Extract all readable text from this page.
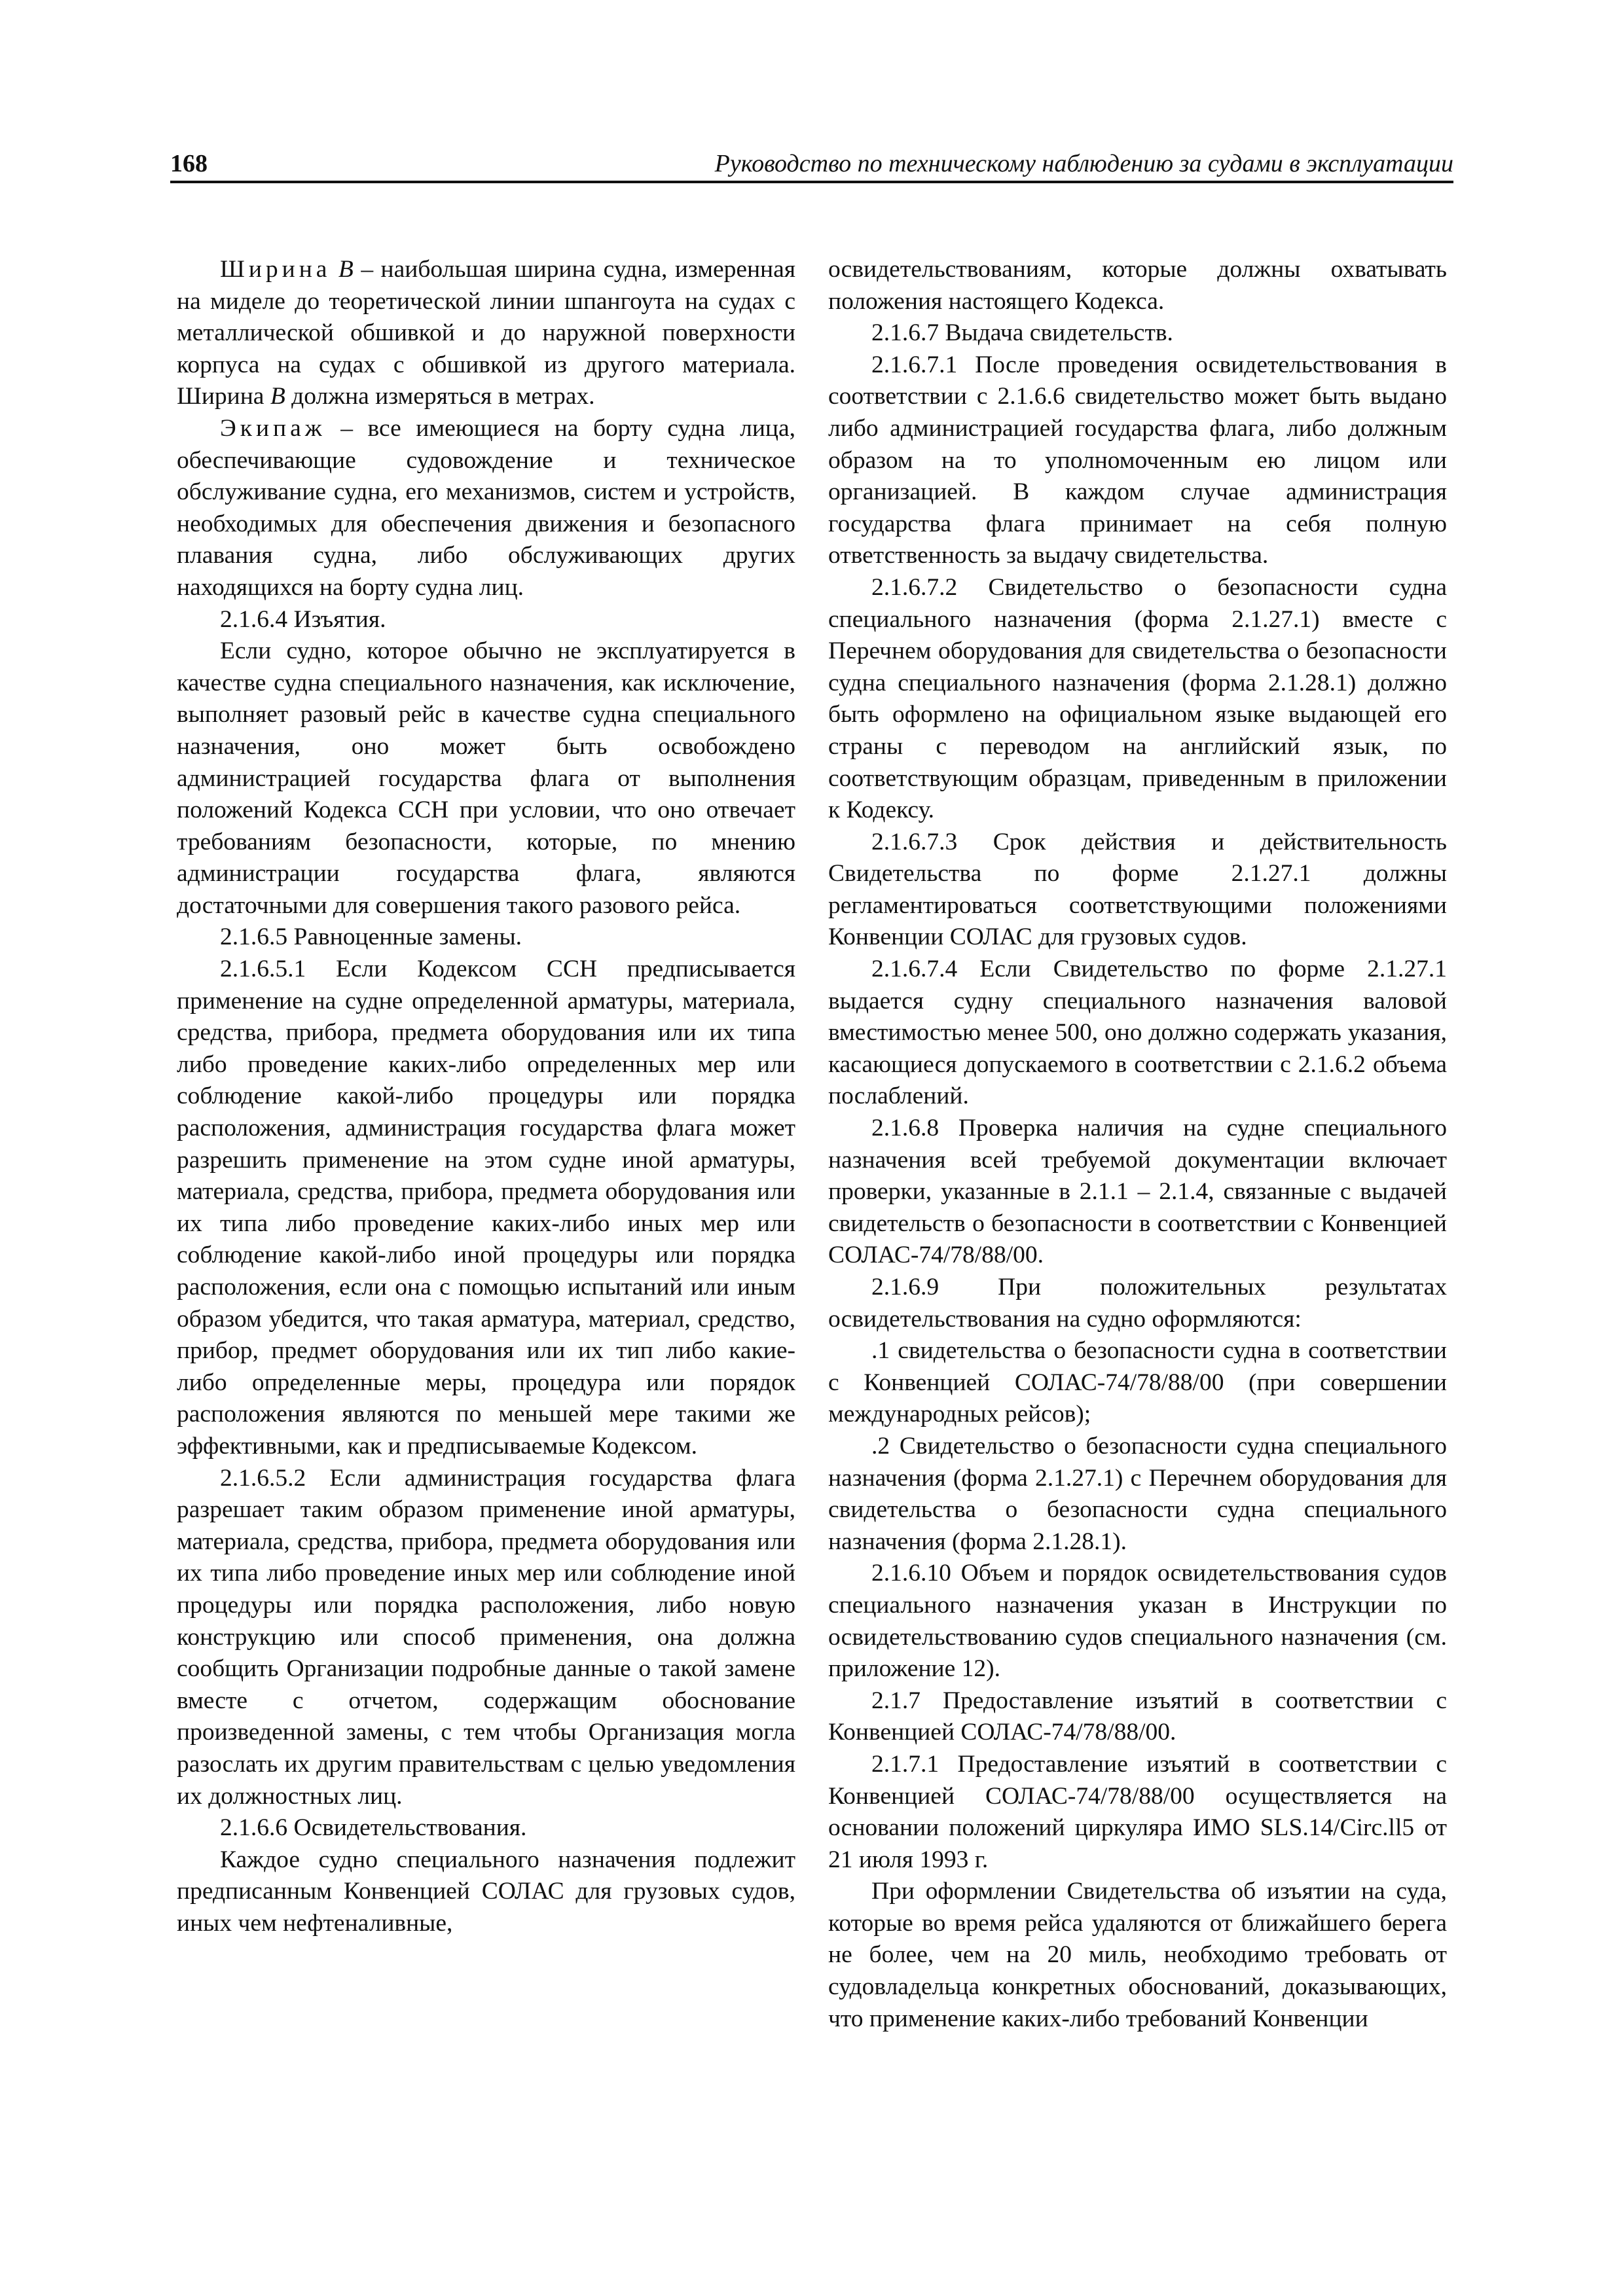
168	Руководство по техническому наблюдению за судами в эксплуатации

Ширина B – наибольшая ширина судна, измеренная на миделе до теоретической линии шпангоута на судах с металлической обшивкой и до наружной поверхности корпуса на судах с обшивкой из другого материала. Ширина B должна измеряться в метрах.

Экипаж – все имеющиеся на борту судна лица, обеспечивающие судовождение и техническое обслуживание судна, его механизмов, систем и устройств, необходимых для обеспечения движения и безопасного плавания судна, либо обслуживающих других находящихся на борту судна лиц.

2.1.6.4 Изъятия.

Если судно, которое обычно не эксплуатируется в качестве судна специального назначения, как исключение, выполняет разовый рейс в качестве судна специального назначения, оно может быть освобождено администрацией государства флага от выполнения положений Кодекса ССН при условии, что оно отвечает требованиям безопасности, которые, по мнению администрации государства флага, являются достаточными для совершения такого разового рейса.

2.1.6.5 Равноценные замены.

2.1.6.5.1 Если Кодексом ССН предписывается применение на судне определенной арматуры, материала, средства, прибора, предмета оборудования или их типа либо проведение каких-либо определенных мер или соблюдение какой-либо процедуры или порядка расположения, администрация государства флага может разрешить применение на этом судне иной арматуры, материала, средства, прибора, предмета оборудования или их типа либо проведение каких-либо иных мер или соблюдение какой-либо иной процедуры или порядка расположения, если она с помощью испытаний или иным образом убедится, что такая арматура, материал, средство, прибор, предмет оборудования или их тип либо какие-либо определенные меры, процедура или порядок расположения являются по меньшей мере такими же эффективными, как и предписываемые Кодексом.

2.1.6.5.2 Если администрация государства флага разрешает таким образом применение иной арматуры, материала, средства, прибора, предмета оборудования или их типа либо проведение иных мер или соблюдение иной процедуры или порядка расположения, либо новую конструкцию или способ применения, она должна сообщить Организации подробные данные о такой замене вместе с отчетом, содержащим обоснование произведенной замены, с тем чтобы Организация могла разослать их другим правительствам с целью уведомления их должностных лиц.

2.1.6.6 Освидетельствования.

Каждое судно специального назначения подлежит предписанным Конвенцией СОЛАС для грузовых судов, иных чем нефтеналивные,

освидетельствованиям, которые должны охватывать положения настоящего Кодекса.

2.1.6.7 Выдача свидетельств.

2.1.6.7.1 После проведения освидетельствования в соответствии с 2.1.6.6 свидетельство может быть выдано либо администрацией государства флага, либо должным образом на то уполномоченным ею лицом или организацией. В каждом случае администрация государства флага принимает на себя полную ответственность за выдачу свидетельства.

2.1.6.7.2 Свидетельство о безопасности судна специального назначения (форма 2.1.27.1) вместе с Перечнем оборудования для свидетельства о безопасности судна специального назначения (форма 2.1.28.1) должно быть оформлено на официальном языке выдающей его страны с переводом на английский язык, по соответствующим образцам, приведенным в приложении к Кодексу.

2.1.6.7.3 Срок действия и действительность Свидетельства по форме 2.1.27.1 должны регламентироваться соответствующими положениями Конвенции СОЛАС для грузовых судов.

2.1.6.7.4 Если Свидетельство по форме 2.1.27.1 выдается судну специального назначения валовой вместимостью менее 500, оно должно содержать указания, касающиеся допускаемого в соответствии с 2.1.6.2 объема послаблений.

2.1.6.8 Проверка наличия на судне специального назначения всей требуемой документации включает проверки, указанные в 2.1.1 – 2.1.4, связанные с выдачей свидетельств о безопасности в соответствии с Конвенцией СОЛАС-74/78/88/00.

2.1.6.9 При положительных результатах освидетельствования на судно оформляются:

.1 свидетельства о безопасности судна в соответствии с Конвенцией СОЛАС-74/78/88/00 (при совершении международных рейсов);

.2 Свидетельство о безопасности судна специального назначения (форма 2.1.27.1) с Перечнем оборудования для свидетельства о безопасности судна специального назначения (форма 2.1.28.1).

2.1.6.10 Объем и порядок освидетельствования судов специального назначения указан в Инструкции по освидетельствованию судов специального назначения (см. приложение 12).

2.1.7 Предоставление изъятий в соответствии с Конвенцией СОЛАС-74/78/88/00.

2.1.7.1 Предоставление изъятий в соответствии с Конвенцией СОЛАС-74/78/88/00 осуществляется на основании положений циркуляра ИМО SLS.14/Circ.ll5 от 21 июля 1993 г.

При оформлении Свидетельства об изъятии на суда, которые во время рейса удаляются от ближайшего берега не более, чем на 20 миль, необходимо требовать от судовладельца конкретных обоснований, доказывающих, что применение каких-либо требований Конвенции
